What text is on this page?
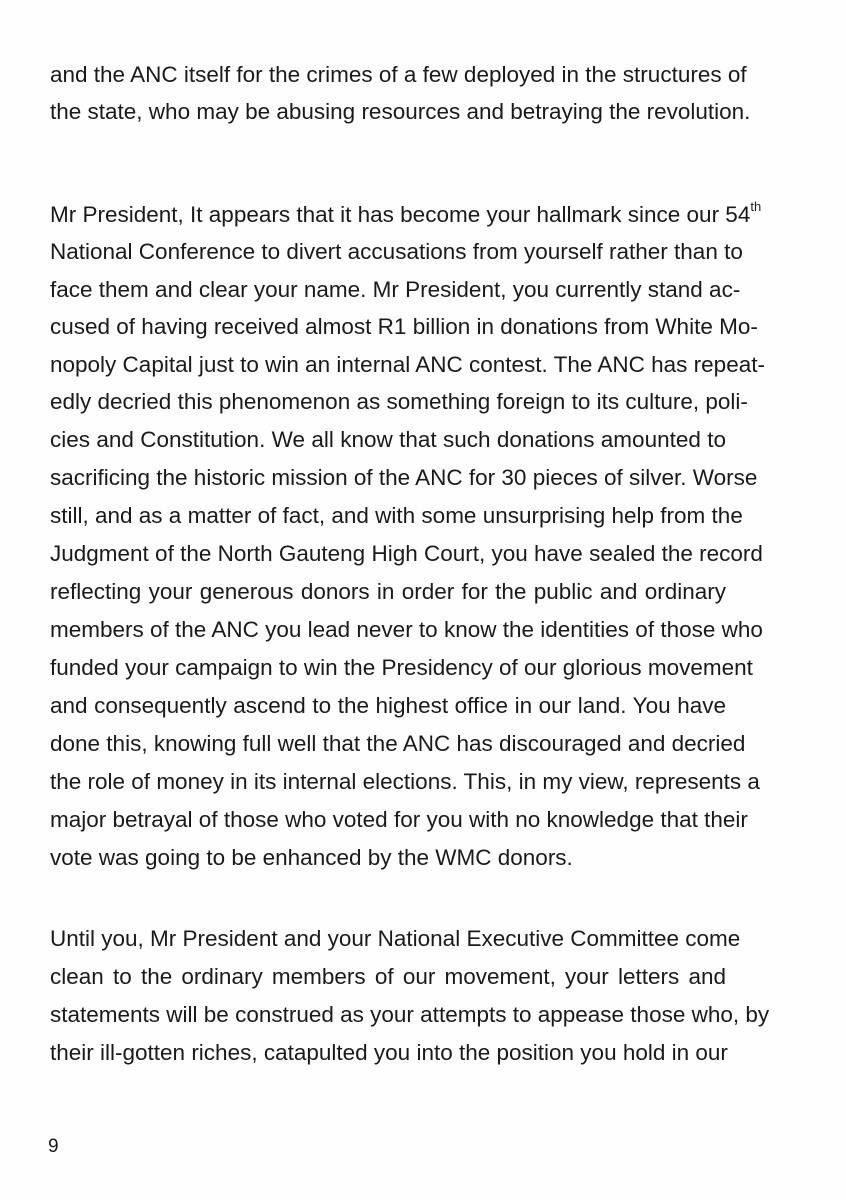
and the ANC itself for the crimes of a few deployed in the structures of
the state, who may be abusing resources and betraying the revolution.
Mr President, It appears that it has become your hallmark since our 54th
National Conference to divert accusations from yourself rather than to
face them and clear your name. Mr President, you currently stand ac-
cused of having received almost R1 billion in donations from White Mo-
nopoly Capital just to win an internal ANC contest. The ANC has repeat-
edly decried this phenomenon as something foreign to its culture, poli-
cies and Constitution. We all know that such donations amounted to
sacrificing the historic mission of the ANC for 30 pieces of silver. Worse
still, and as a matter of fact, and with some unsurprising help from the
Judgment of the North Gauteng High Court, you have sealed the record
reflecting your generous donors in order for the public and ordinary
members of the ANC you lead never to know the identities of those who
funded your campaign to win the Presidency of our glorious movement
and consequently ascend to the highest office in our land. You have
done this, knowing full well that the ANC has discouraged and decried
the role of money in its internal elections. This, in my view, represents a
major betrayal of those who voted for you with no knowledge that their
vote was going to be enhanced by the WMC donors.
Until you, Mr President and your National Executive Committee come
clean to the ordinary members of our movement, your letters and
statements will be construed as your attempts to appease those who, by
their ill-gotten riches, catapulted you into the position you hold in our
9
